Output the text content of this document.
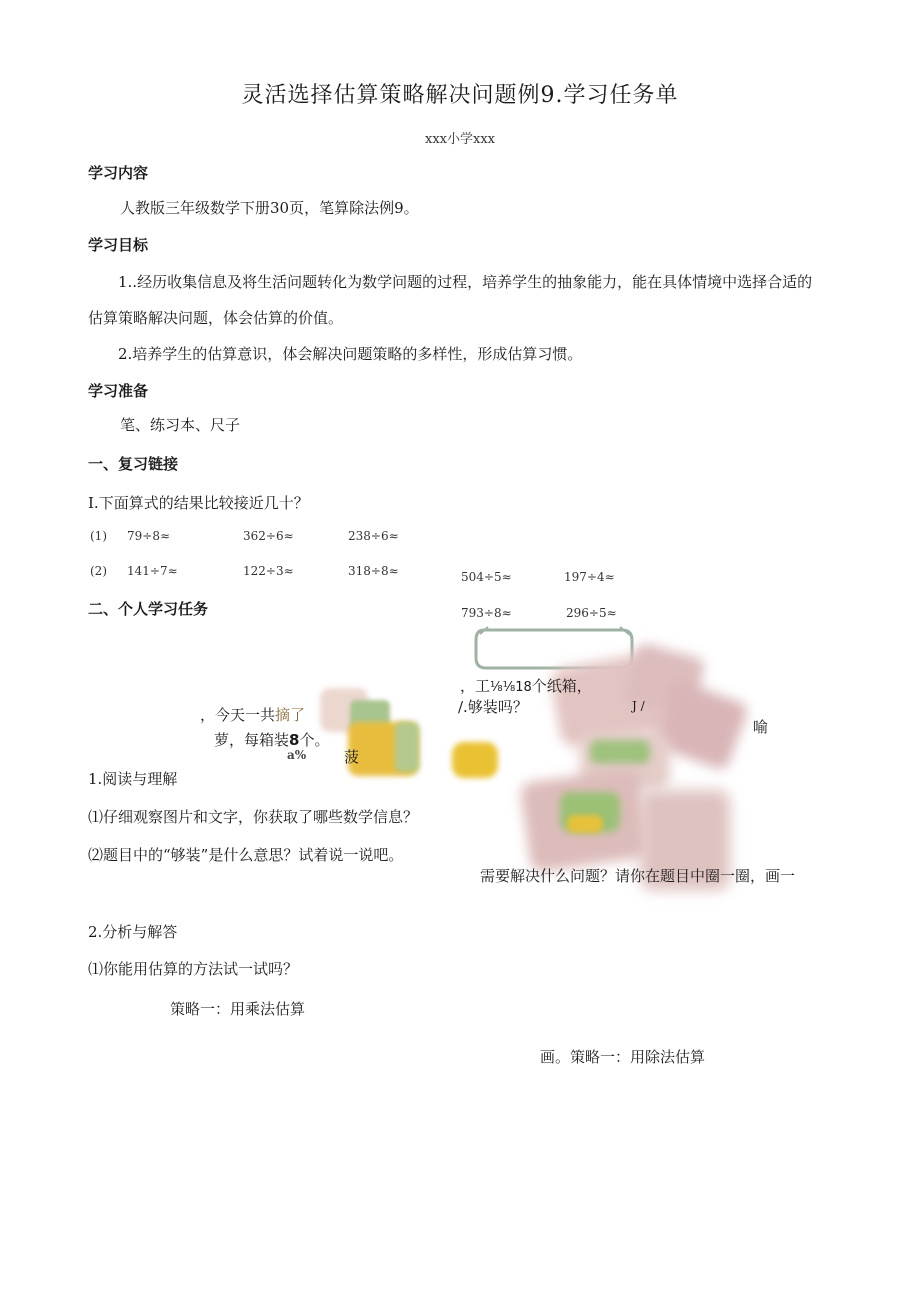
灵活选择估算策略解决问题例9.学习任务单
xxx小学xxx
学习内容
人教版三年级数学下册30页，笔算除法例9。
学习目标
1..经历收集信息及将生活问题转化为数学问题的过程，培养学生的抽象能力，能在具体情境中选择合适的
估算策略解决问题，体会估算的价值。
2.培养学生的估算意识，体会解决问题策略的多样性，形成估算习惯。
学习准备
笔、练习本、尺子
一、复习链接
I.下面算式的结果比较接近几十？
(1) 79÷8≈	362÷6≈	238÷6≈
(2) 141÷7≈	122÷3≈	318÷8≈	504÷5≈	197÷4≈
793÷8≈	296÷5≈
二、个人学习任务
，今天一共摘了
萝，每箱装8个。
a%	菠
，工⅛⅛18个纸箱，
/.够装吗？	J /
喻
1.阅读与理解
⑴仔细观察图片和文字，你获取了哪些数学信息？
⑵题目中的“够装”是什么意思？试着说一说吧。
需要解决什么问题？请你在题目中圈一圈，画一
2.分析与解答
⑴你能用估算的方法试一试吗？
策略一：用乘法估算
画。策略一：用除法估算
